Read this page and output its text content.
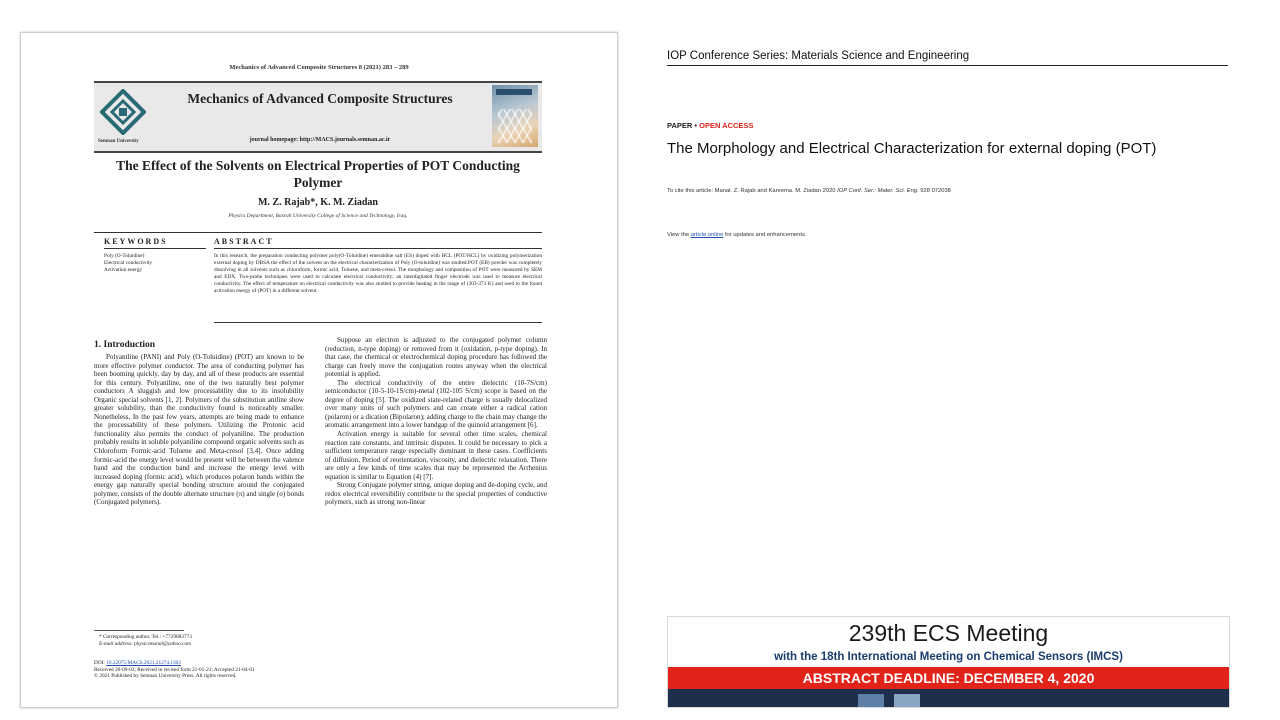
Mechanics of Advanced Composite Structures 8 (2021) 283 – 289
Semnan University
Mechanics of Advanced Composite Structures
journal homepage: http://MACS.journals.semnan.ac.ir
The Effect of the Solvents on Electrical Properties of POT Conducting Polymer
M. Z. Rajab*, K. M. Ziadan
Physics Department, Basrah University College of Science and Technology, Iraq.
KEYWORDS	ABSTRACT
Poly (O-Toluidine)
Electrical conductivity
Activation energy
In this research, the preparation conducting polymer poly(O-Toluidine) emeraldine salt (ES) doped with HCL (POT/HCL) by oxidizing polymerization external doping by DBSA the effect of the solvent on the electrical characterization of Poly (O-toluidine) was studied.POT (EB) powder was completely dissolving in all solvents such as chloroform, formic acid, Toluene, and meta-cresol. The morphology and composition of POT were measured by SEM and EDX. Two-probe techniques were used to calculate electrical conductivity; an interdigitated finger electrode was used to measure electrical conductivity. The effect of temperature on electrical conductivity was also studied to provide heating in the range of (303-373 K) and used to the found activation energy of (POT) in a different solvent.
1. Introduction

Polyaniline (PANI) and Poly (O-Toluidine) (POT) are known to be more effective polymer conductor. The area of conducting polymer has been booming quickly, day by day, and all of these products are essential for this century. Polyaniline, one of the two naturally best polymer conductors A sluggish and low processability due to its insolubility Organic special solvents [1, 2]. Polymers of the substitution aniline show greater solubility, than the conductivity found is noticeably smaller. Nonetheless, In the past few years, attempts are being made to enhance the processability of these polymers. Utilizing the Protonic acid functionality also permits the conduct of polyaniline. The production probably results in soluble polyaniline compound organic solvents such as Chloroform Formic-acid Toluene and Meta-cresol [3,4]. Once adding formic-acid the energy level would be present will be between the valence band and the conduction band and increase the energy level with increased doping (formic acid), which produces polaron bands within the energy gap naturally special bonding structure around the conjugated polymer, consists of the double alternate structure (π) and single (σ) bonds (Conjugated polymers).

Suppose an electron is adjusted to the conjugated polymer column (reduction, n-type doping) or removed from it (oxidation, p-type doping). In that case, the chemical or electrochemical doping procedure has followed the charge can freely move the conjugation routes anyway when the electrical potential is applied.

The electrical conductivity of the entire dielectric (10-7S/cm) semiconductor (10-5-10-1S/cm)-metal (102-105 S/cm) scope is based on the degree of doping [5]. The oxidized state-related charge is usually delocalized over many units of such polymers and can create either a radical cation (polaron) or a dication (Bipolaron); adding charge to the chain may change the aromatic arrangement into a lower bandgap of the quinoid arrangement [6].

Activation energy is suitable for several other time scales, chemical reaction rate constants, and intrinsic disputes. It could be necessary to pick a sufficient temperature range especially dominant in these cases. Coefficients of diffusion, Period of reorientation, viscosity, and dielectric relaxation. There are only a few kinds of time scales that may be represented the Arrhenius equation is similar to Equation (4) [7].

Strong Conjugate polymer string, unique doping and de-doping cycle, and redox electrical reversibility contribute to the special properties of conductive polymers, such as strong non-linear

* Corresponding author. Tel.: +7729083773
E-mail address: physicsmanal@yahoo.com
DOI: 10.22075/MACS.2021.21274.1302
Received 20-09-03; Received in revised form 21-01-21; Accepted 21-04-01
© 2021 Published by Semnan University Press. All rights reserved.
IOP Conference Series: Materials Science and Engineering
PAPER • OPEN ACCESS
The Morphology and Electrical Characterization for external doping (POT)
To cite this article: Manal. Z. Rajab and Kareema. M. Ziadan 2020 IOP Conf. Ser.: Mater. Sci. Eng. 928 072038
View the article online for updates and enhancements.
239th ECS Meeting
with the 18th International Meeting on Chemical Sensors (IMCS)
ABSTRACT DEADLINE: DECEMBER 4, 2020
